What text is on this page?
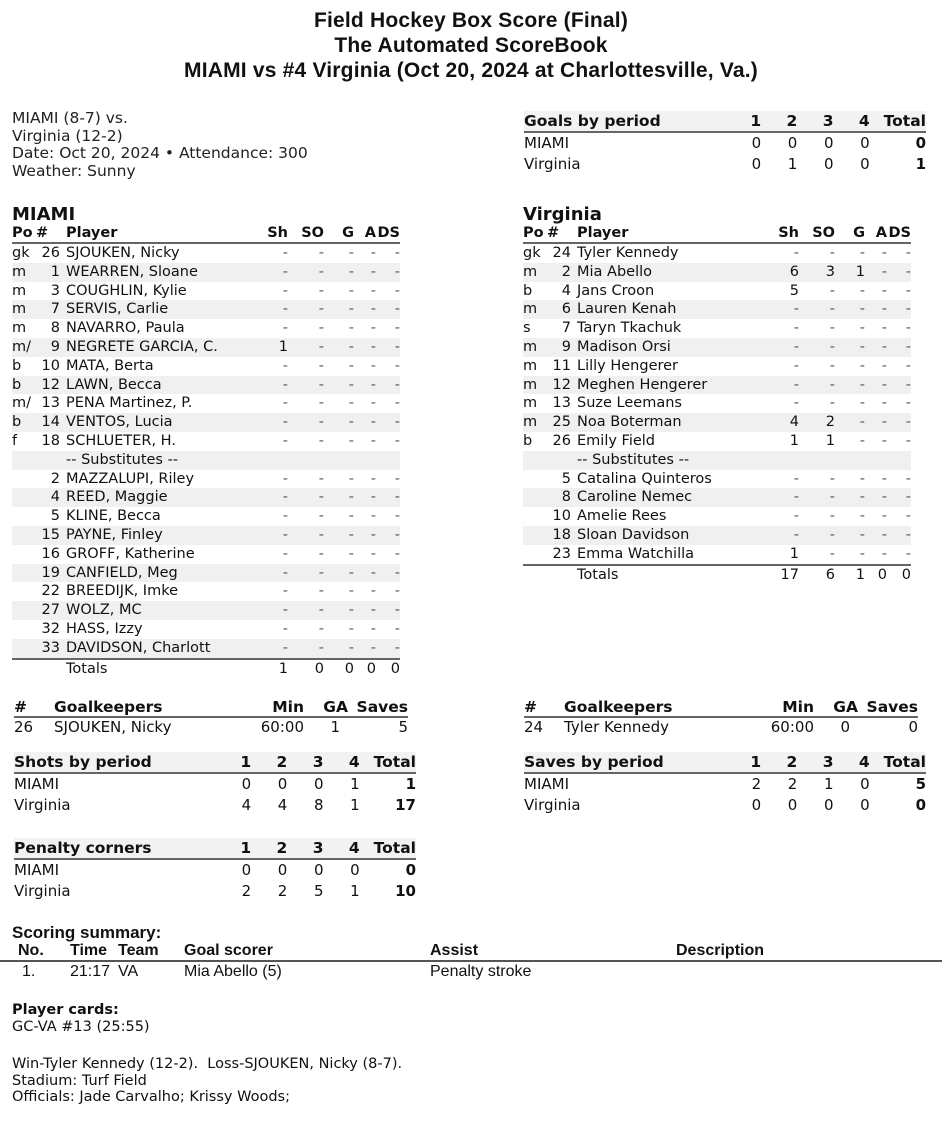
Field Hockey Box Score (Final)
The Automated ScoreBook
MIAMI vs #4 Virginia (Oct 20, 2024 at Charlottesville, Va.)
MIAMI (8-7) vs.
Virginia (12-2)
Date: Oct 20, 2024 • Attendance: 300
Weather: Sunny
Goals by period	1	2	3	4	Total
MIAMI	0	0	0	0	0
Virginia	0	1	0	0	1
MIAMI
Po	#	Player	Sh	SO	G	A	DS
gk	26	SJOUKEN, Nicky	-	-	-	-	-
m	1	WEARREN, Sloane	-	-	-	-	-
m	3	COUGHLIN, Kylie	-	-	-	-	-
m	7	SERVIS, Carlie	-	-	-	-	-
m	8	NAVARRO, Paula	-	-	-	-	-
m/	9	NEGRETE GARCIA, C.	1	-	-	-	-
b	10	MATA, Berta	-	-	-	-	-
b	12	LAWN, Becca	-	-	-	-	-
m/	13	PENA Martinez, P.	-	-	-	-	-
b	14	VENTOS, Lucia	-	-	-	-	-
f	18	SCHLUETER, H.	-	-	-	-	-
		-- Substitutes --					
	2	MAZZALUPI, Riley	-	-	-	-	-
	4	REED, Maggie	-	-	-	-	-
	5	KLINE, Becca	-	-	-	-	-
	15	PAYNE, Finley	-	-	-	-	-
	16	GROFF, Katherine	-	-	-	-	-
	19	CANFIELD, Meg	-	-	-	-	-
	22	BREEDIJK, Imke	-	-	-	-	-
	27	WOLZ, MC	-	-	-	-	-
	32	HASS, Izzy	-	-	-	-	-
	33	DAVIDSON, Charlott	-	-	-	-	-
		Totals	1	0	0	0	0
Virginia
Po	#	Player	Sh	SO	G	A	DS
gk	24	Tyler Kennedy	-	-	-	-	-
m	2	Mia Abello	6	3	1	-	-
b	4	Jans Croon	5	-	-	-	-
m	6	Lauren Kenah	-	-	-	-	-
s	7	Taryn Tkachuk	-	-	-	-	-
m	9	Madison Orsi	-	-	-	-	-
m	11	Lilly Hengerer	-	-	-	-	-
m	12	Meghen Hengerer	-	-	-	-	-
m	13	Suze Leemans	-	-	-	-	-
m	25	Noa Boterman	4	2	-	-	-
b	26	Emily Field	1	1	-	-	-
		-- Substitutes --					
	5	Catalina Quinteros	-	-	-	-	-
	8	Caroline Nemec	-	-	-	-	-
	10	Amelie Rees	-	-	-	-	-
	18	Sloan Davidson	-	-	-	-	-
	23	Emma Watchilla	1	-	-	-	-
		Totals	17	6	1	0	0
#	Goalkeepers	Min	GA	Saves
26	SJOUKEN, Nicky	60:00	1	5
#	Goalkeepers	Min	GA	Saves
24	Tyler Kennedy	60:00	0	0
Shots by period	1	2	3	4	Total
MIAMI	0	0	0	1	1
Virginia	4	4	8	1	17
Saves by period	1	2	3	4	Total
MIAMI	2	2	1	0	5
Virginia	0	0	0	0	0
Penalty corners	1	2	3	4	Total
MIAMI	0	0	0	0	0
Virginia	2	2	5	1	10
Scoring summary:
No.	Time	Team	Goal scorer	Assist	Description
1.	21:17	VA	Mia Abello (5)	Penalty stroke	
Player cards:
GC-VA #13 (25:55)
Win-Tyler Kennedy (12-2).  Loss-SJOUKEN, Nicky (8-7).
Stadium: Turf Field
Officials: Jade Carvalho; Krissy Woods;
